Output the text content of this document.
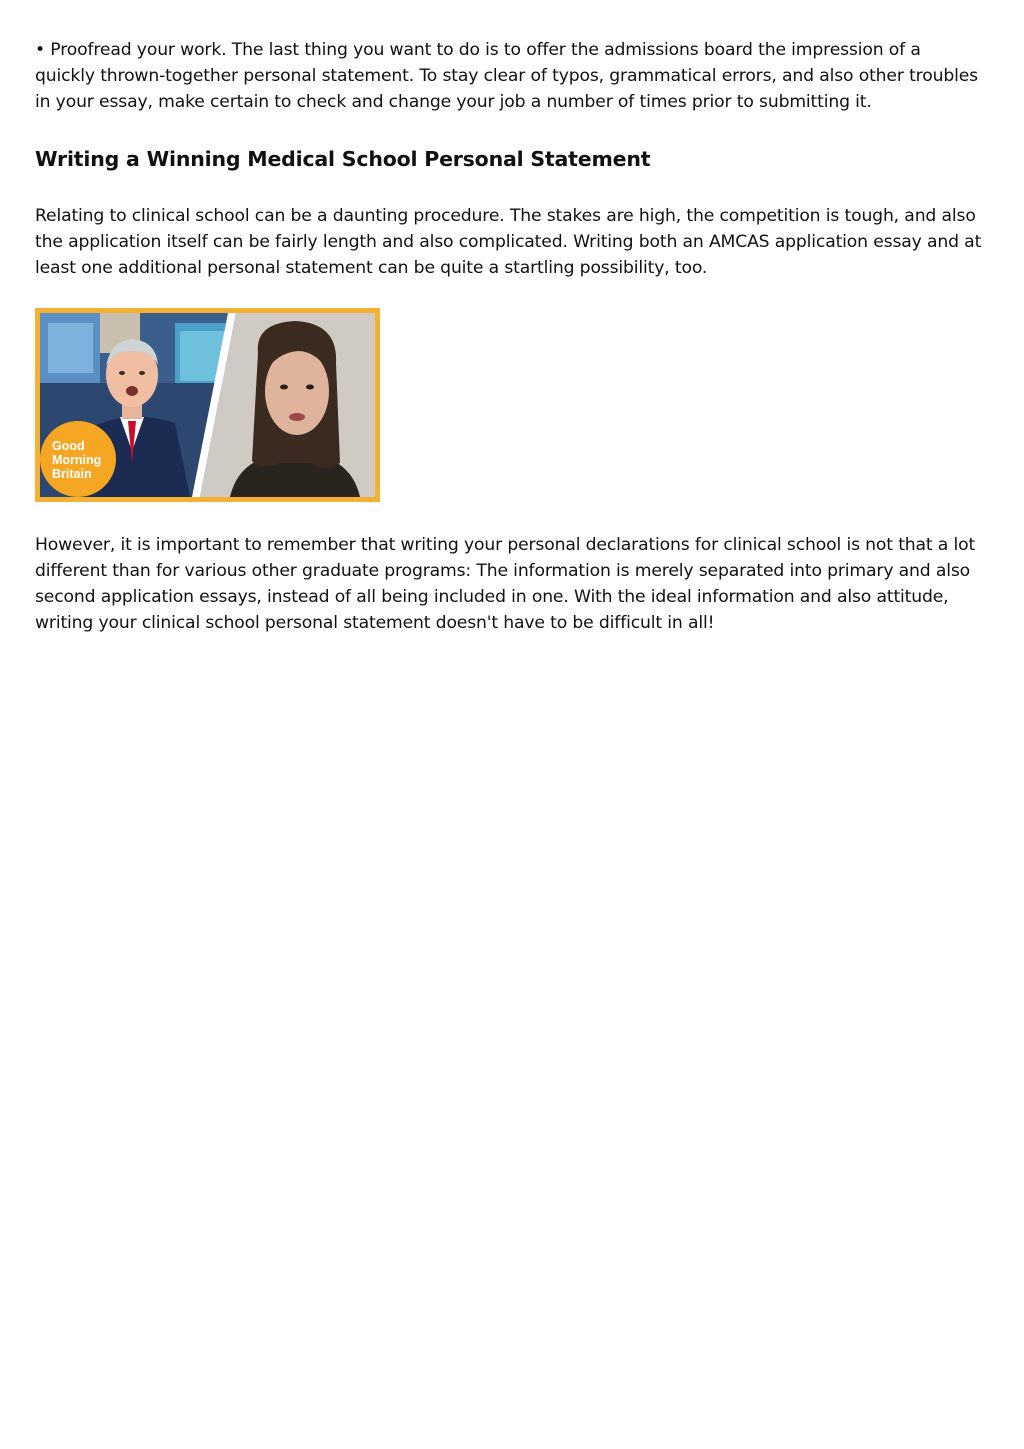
• Proofread your work. The last thing you want to do is to offer the admissions board the impression of a quickly thrown-together personal statement. To stay clear of typos, grammatical errors, and also other troubles in your essay, make certain to check and change your job a number of times prior to submitting it.

Writing a Winning Medical School Personal Statement

Relating to clinical school can be a daunting procedure. The stakes are high, the competition is tough, and also the application itself can be fairly length and also complicated. Writing both an AMCAS application essay and at least one additional personal statement can be quite a startling possibility, too.

Good
Morning
Britain

However, it is important to remember that writing your personal declarations for clinical school is not that a lot different than for various other graduate programs: The information is merely separated into primary and also second application essays, instead of all being included in one. With the ideal information and also attitude, writing your clinical school personal statement doesn't have to be difficult in all!
